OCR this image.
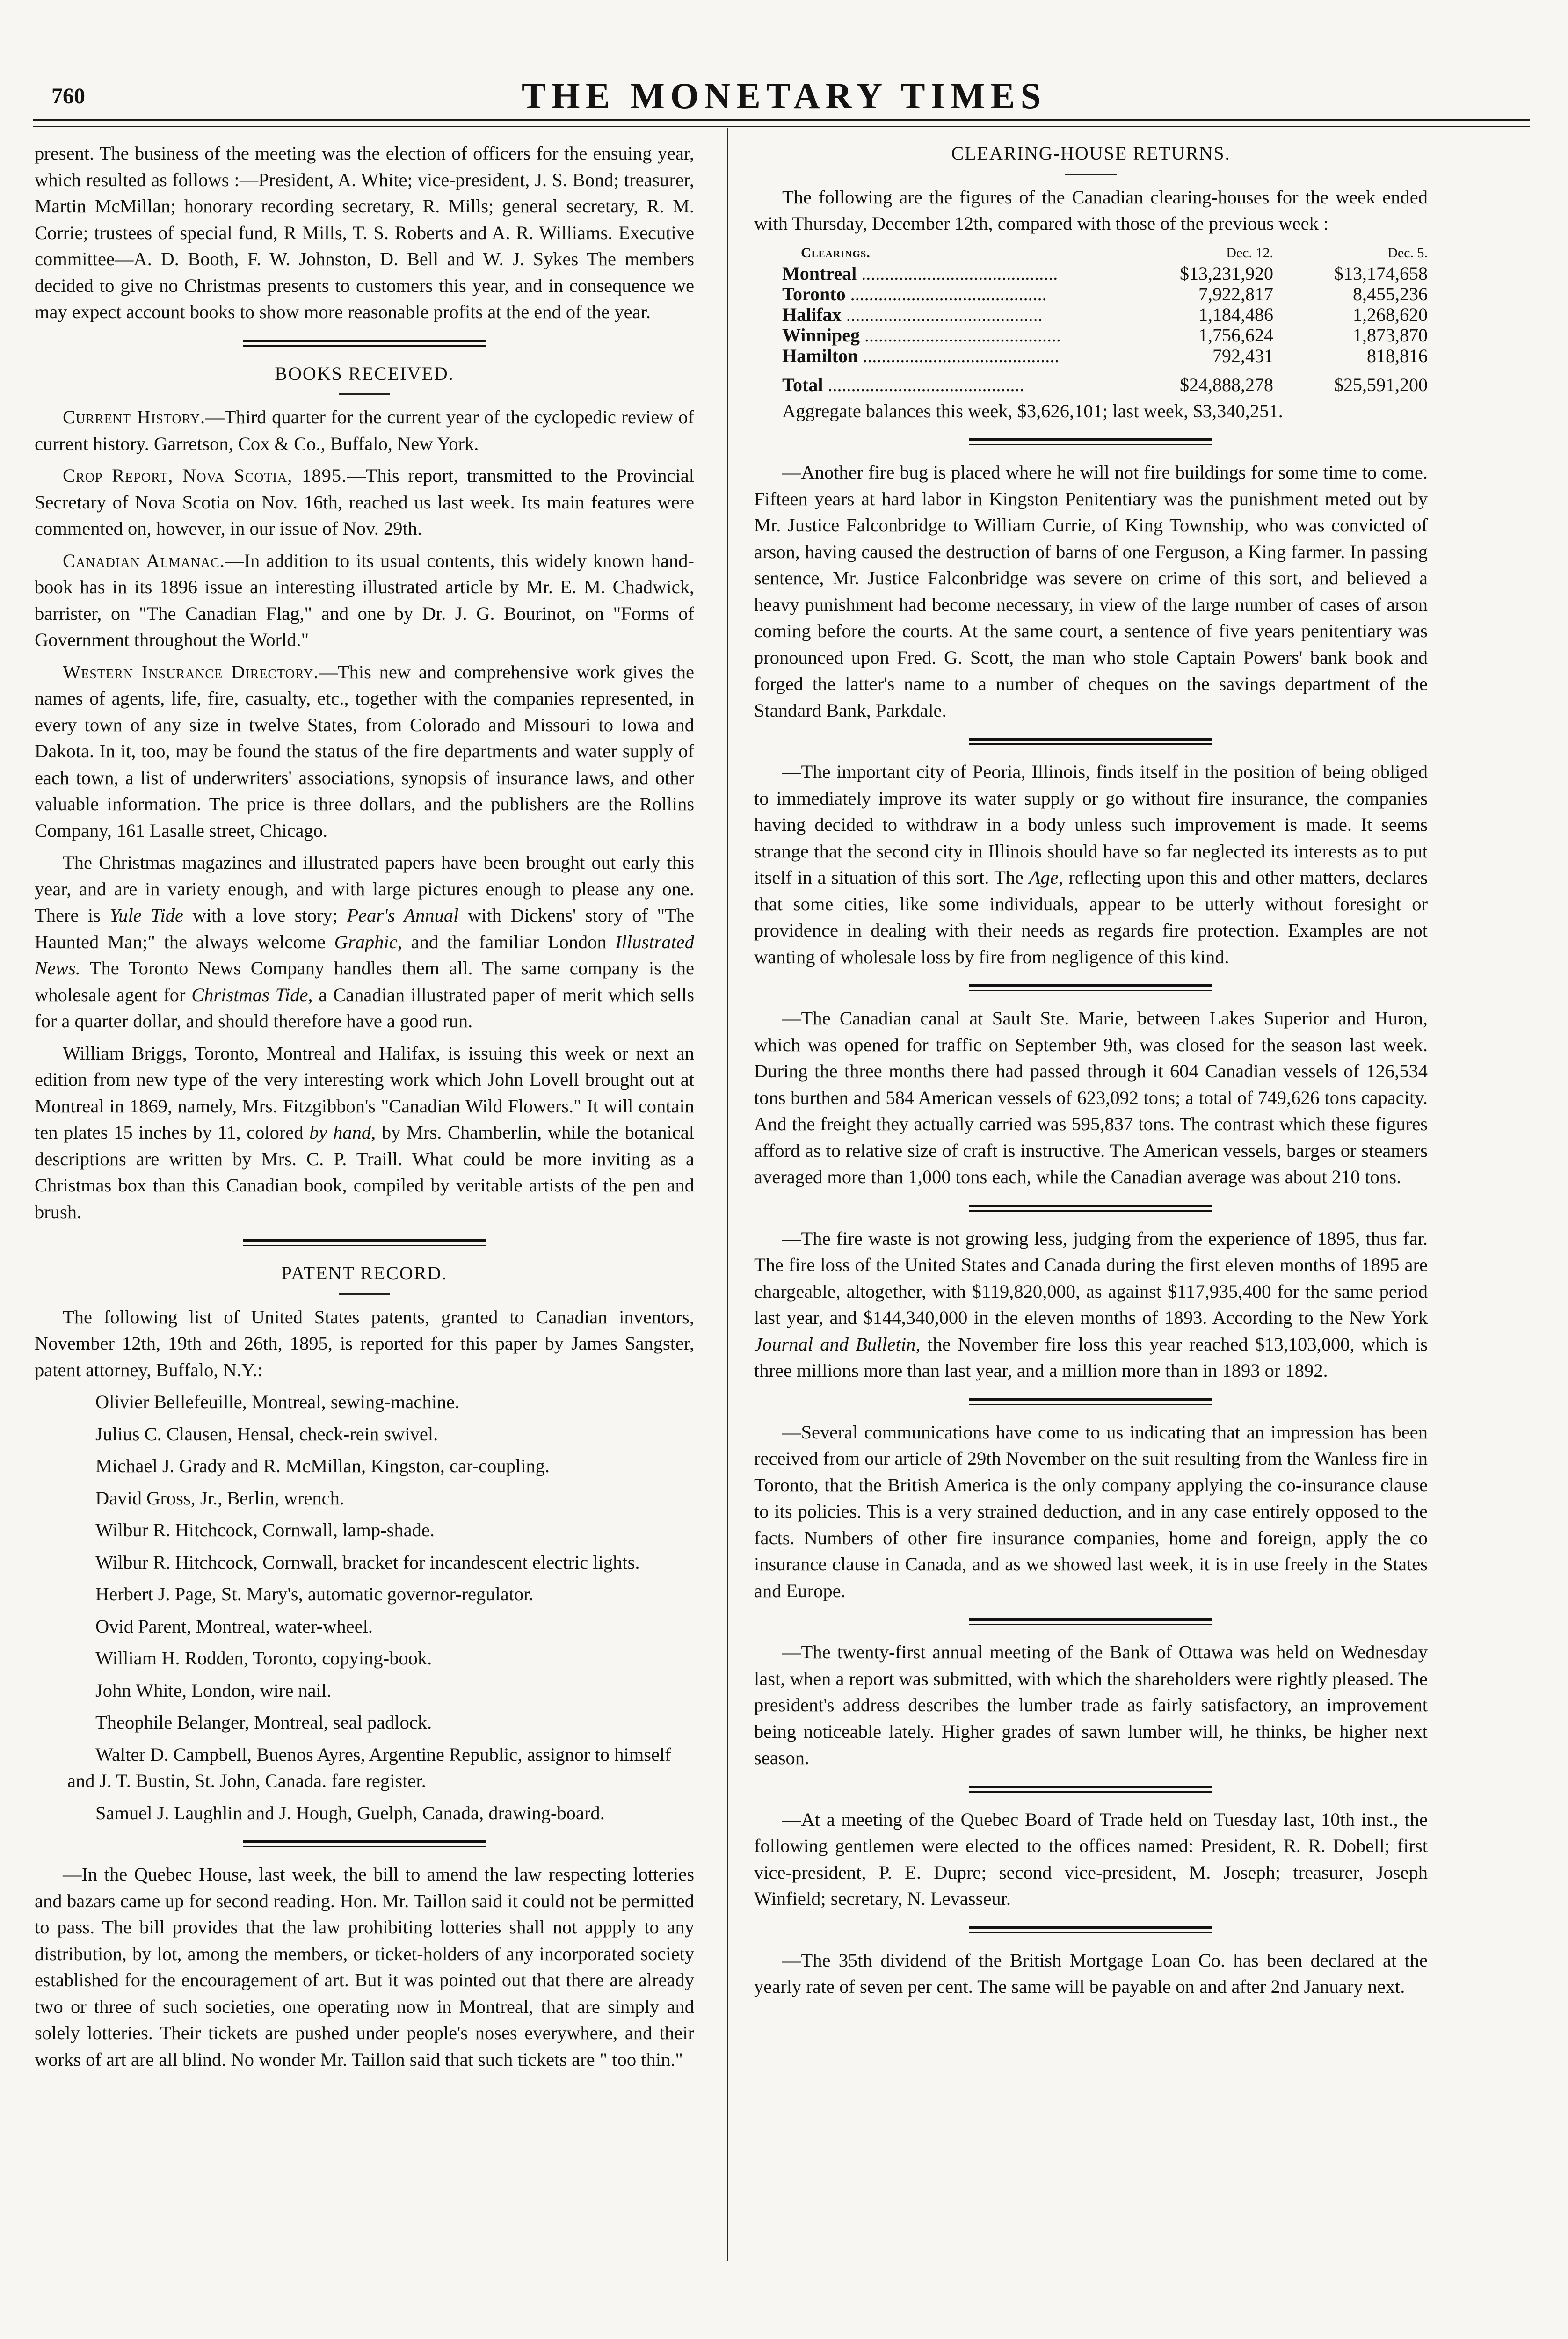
760	THE MONETARY TIMES

present. The business of the meeting was the election of officers for the ensuing year, which resulted as follows :—President, A. White; vice-president, J. S. Bond; treasurer, Martin McMillan; honorary recording secretary, R. Mills; general secretary, R. M. Corrie; trustees of special fund, R Mills, T. S. Roberts and A. R. Williams. Executive committee—A. D. Booth, F. W. Johnston, D. Bell and W. J. Sykes The members decided to give no Christmas presents to customers this year, and in consequence we may expect account books to show more reasonable profits at the end of the year.

BOOKS RECEIVED.

Current History.—Third quarter for the current year of the cyclopedic review of current history. Garretson, Cox & Co., Buffalo, New York.

Crop Report, Nova Scotia, 1895.—This report, transmitted to the Provincial Secretary of Nova Scotia on Nov. 16th, reached us last week. Its main features were commented on, however, in our issue of Nov. 29th.

Canadian Almanac.—In addition to its usual contents, this widely known hand-book has in its 1896 issue an interesting illustrated article by Mr. E. M. Chadwick, barrister, on "The Canadian Flag," and one by Dr. J. G. Bourinot, on "Forms of Government throughout the World."

Western Insurance Directory.—This new and comprehensive work gives the names of agents, life, fire, casualty, etc., together with the companies represented, in every town of any size in twelve States, from Colorado and Missouri to Iowa and Dakota. In it, too, may be found the status of the fire departments and water supply of each town, a list of underwriters' associations, synopsis of insurance laws, and other valuable information. The price is three dollars, and the publishers are the Rollins Company, 161 Lasalle street, Chicago.

The Christmas magazines and illustrated papers have been brought out early this year, and are in variety enough, and with large pictures enough to please any one. There is Yule Tide with a love story; Pear's Annual with Dickens' story of "The Haunted Man;" the always welcome Graphic, and the familiar London Illustrated News. The Toronto News Company handles them all. The same company is the wholesale agent for Christmas Tide, a Canadian illustrated paper of merit which sells for a quarter dollar, and should therefore have a good run.

William Briggs, Toronto, Montreal and Halifax, is issuing this week or next an edition from new type of the very interesting work which John Lovell brought out at Montreal in 1869, namely, Mrs. Fitzgibbon's "Canadian Wild Flowers." It will contain ten plates 15 inches by 11, colored by hand, by Mrs. Chamberlin, while the botanical descriptions are written by Mrs. C. P. Traill. What could be more inviting as a Christmas box than this Canadian book, compiled by veritable artists of the pen and brush.

PATENT RECORD.

The following list of United States patents, granted to Canadian inventors, November 12th, 19th and 26th, 1895, is reported for this paper by James Sangster, patent attorney, Buffalo, N.Y.:

Olivier Bellefeuille, Montreal, sewing-machine.

Julius C. Clausen, Hensal, check-rein swivel.

Michael J. Grady and R. McMillan, Kingston, car-coupling.

David Gross, Jr., Berlin, wrench.

Wilbur R. Hitchcock, Cornwall, lamp-shade.

Wilbur R. Hitchcock, Cornwall, bracket for incandescent electric lights.

Herbert J. Page, St. Mary's, automatic governor-regulator.

Ovid Parent, Montreal, water-wheel.

William H. Rodden, Toronto, copying-book.

John White, London, wire nail.

Theophile Belanger, Montreal, seal padlock.

Walter D. Campbell, Buenos Ayres, Argentine Republic, assignor to himself and J. T. Bustin, St. John, Canada. fare register.

Samuel J. Laughlin and J. Hough, Guelph, Canada, drawing-board.

—In the Quebec House, last week, the bill to amend the law respecting lotteries and bazars came up for second reading. Hon. Mr. Taillon said it could not be permitted to pass. The bill provides that the law prohibiting lotteries shall not appply to any distribution, by lot, among the members, or ticket-holders of any incorporated society established for the encouragement of art. But it was pointed out that there are already two or three of such societies, one operating now in Montreal, that are simply and solely lotteries. Their tickets are pushed under people's noses everywhere, and their works of art are all blind. No wonder Mr. Taillon said that such tickets are " too thin."

CLEARING-HOUSE RETURNS.

The following are the figures of the Canadian clearing-houses for the week ended with Thursday, December 12th, compared with those of the previous week :

Clearings.	Dec. 12.	Dec. 5.
Montreal .....	$13,231,920	$13,174,658
Toronto .....	7,922,817	8,455,236
Halifax .....	1,184,486	1,268,620
Winnipeg .....	1,756,624	1,873,870
Hamilton .....	792,431	818,816
Total .....	$24,888,278	$25,591,200

Aggregate balances this week, $3,626,101; last week, $3,340,251.

—Another fire bug is placed where he will not fire buildings for some time to come. Fifteen years at hard labor in Kingston Penitentiary was the punishment meted out by Mr. Justice Falconbridge to William Currie, of King Township, who was convicted of arson, having caused the destruction of barns of one Ferguson, a King farmer. In passing sentence, Mr. Justice Falconbridge was severe on crime of this sort, and believed a heavy punishment had become necessary, in view of the large number of cases of arson coming before the courts. At the same court, a sentence of five years penitentiary was pronounced upon Fred. G. Scott, the man who stole Captain Powers' bank book and forged the latter's name to a number of cheques on the savings department of the Standard Bank, Parkdale.

—The important city of Peoria, Illinois, finds itself in the position of being obliged to immediately improve its water supply or go without fire insurance, the companies having decided to withdraw in a body unless such improvement is made. It seems strange that the second city in Illinois should have so far neglected its interests as to put itself in a situation of this sort. The Age, reflecting upon this and other matters, declares that some cities, like some individuals, appear to be utterly without foresight or providence in dealing with their needs as regards fire protection. Examples are not wanting of wholesale loss by fire from negligence of this kind.

—The Canadian canal at Sault Ste. Marie, between Lakes Superior and Huron, which was opened for traffic on September 9th, was closed for the season last week. During the three months there had passed through it 604 Canadian vessels of 126,534 tons burthen and 584 American vessels of 623,092 tons; a total of 749,626 tons capacity. And the freight they actually carried was 595,837 tons. The contrast which these figures afford as to relative size of craft is instructive. The American vessels, barges or steamers averaged more than 1,000 tons each, while the Canadian average was about 210 tons.

—The fire waste is not growing less, judging from the experience of 1895, thus far. The fire loss of the United States and Canada during the first eleven months of 1895 are chargeable, altogether, with $119,820,000, as against $117,935,400 for the same period last year, and $144,340,000 in the eleven months of 1893. According to the New York Journal and Bulletin, the November fire loss this year reached $13,103,000, which is three millions more than last year, and a million more than in 1893 or 1892.

—Several communications have come to us indicating that an impression has been received from our article of 29th November on the suit resulting from the Wanless fire in Toronto, that the British America is the only company applying the co-insurance clause to its policies. This is a very strained deduction, and in any case entirely opposed to the facts. Numbers of other fire insurance companies, home and foreign, apply the co insurance clause in Canada, and as we showed last week, it is in use freely in the States and Europe.

—The twenty-first annual meeting of the Bank of Ottawa was held on Wednesday last, when a report was submitted, with which the shareholders were rightly pleased. The president's address describes the lumber trade as fairly satisfactory, an improvement being noticeable lately. Higher grades of sawn lumber will, he thinks, be higher next season.

—At a meeting of the Quebec Board of Trade held on Tuesday last, 10th inst., the following gentlemen were elected to the offices named: President, R. R. Dobell; first vice-president, P. E. Dupre; second vice-president, M. Joseph; treasurer, Joseph Winfield; secretary, N. Levasseur.

—The 35th dividend of the British Mortgage Loan Co. has been declared at the yearly rate of seven per cent. The same will be payable on and after 2nd January next.
